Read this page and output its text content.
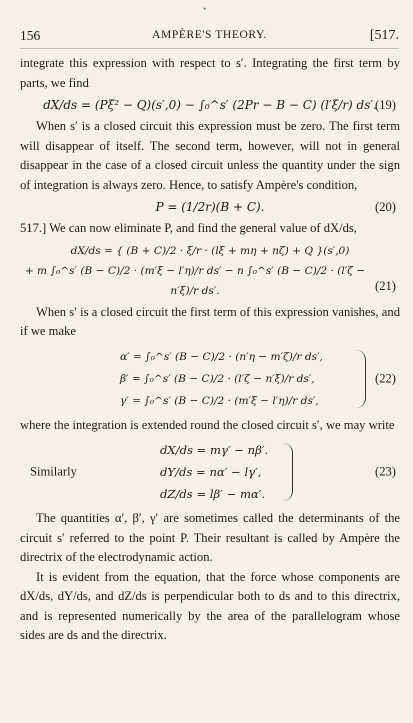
•
156	AMPÈRE'S THEORY.	[517.

integrate this expression with respect to s′. Integrating the first term by parts, we find

dX/ds = (Pξ² − Q)(s′,0) − ∫₀^s′ (2Pr − B − C) (l′ξ/r) ds′.
(19)

When s′ is a closed circuit this expression must be zero. The first term will disappear of itself. The second term, however, will not in general disappear in the case of a closed circuit unless the quantity under the sign of integration is always zero. Hence, to satisfy Ampère's condition,

P = (1/2r)(B + C).	(20)

517.] We can now eliminate P, and find the general value of dX/ds,

dX/ds = { (B + C)/2 · ξ/r · (lξ + mη + nζ) + Q }(s′,0)
+ m ∫₀^s′ (B − C)/2 · (m′ξ − l′η)/r ds′ − n ∫₀^s′ (B − C)/2 · (l′ζ − n′ξ)/r ds′.	(21)

When s′ is a closed circuit the first term of this expression vanishes, and if we make

α′ = ∫₀^s′ (B − C)/2 · (n′η − m′ζ)/r ds′,
β′ = ∫₀^s′ (B − C)/2 · (l′ζ − n′ξ)/r ds′,
γ′ = ∫₀^s′ (B − C)/2 · (m′ξ − l′η)/r ds′,
(22)

where the integration is extended round the closed circuit s′, we may write

dX/ds = mγ′ − nβ′.
dY/ds = nα′ − lγ′,
dZ/ds = lβ′ − mα′.
Similarly	(23)

The quantities α′, β′, γ′ are sometimes called the determinants of the circuit s′ referred to the point P. Their resultant is called by Ampère the directrix of the electrodynamic action.

It is evident from the equation, that the force whose components are dX/ds, dY/ds, and dZ/ds is perpendicular both to ds and to this directrix, and is represented numerically by the area of the parallelogram whose sides are ds and the directrix.
